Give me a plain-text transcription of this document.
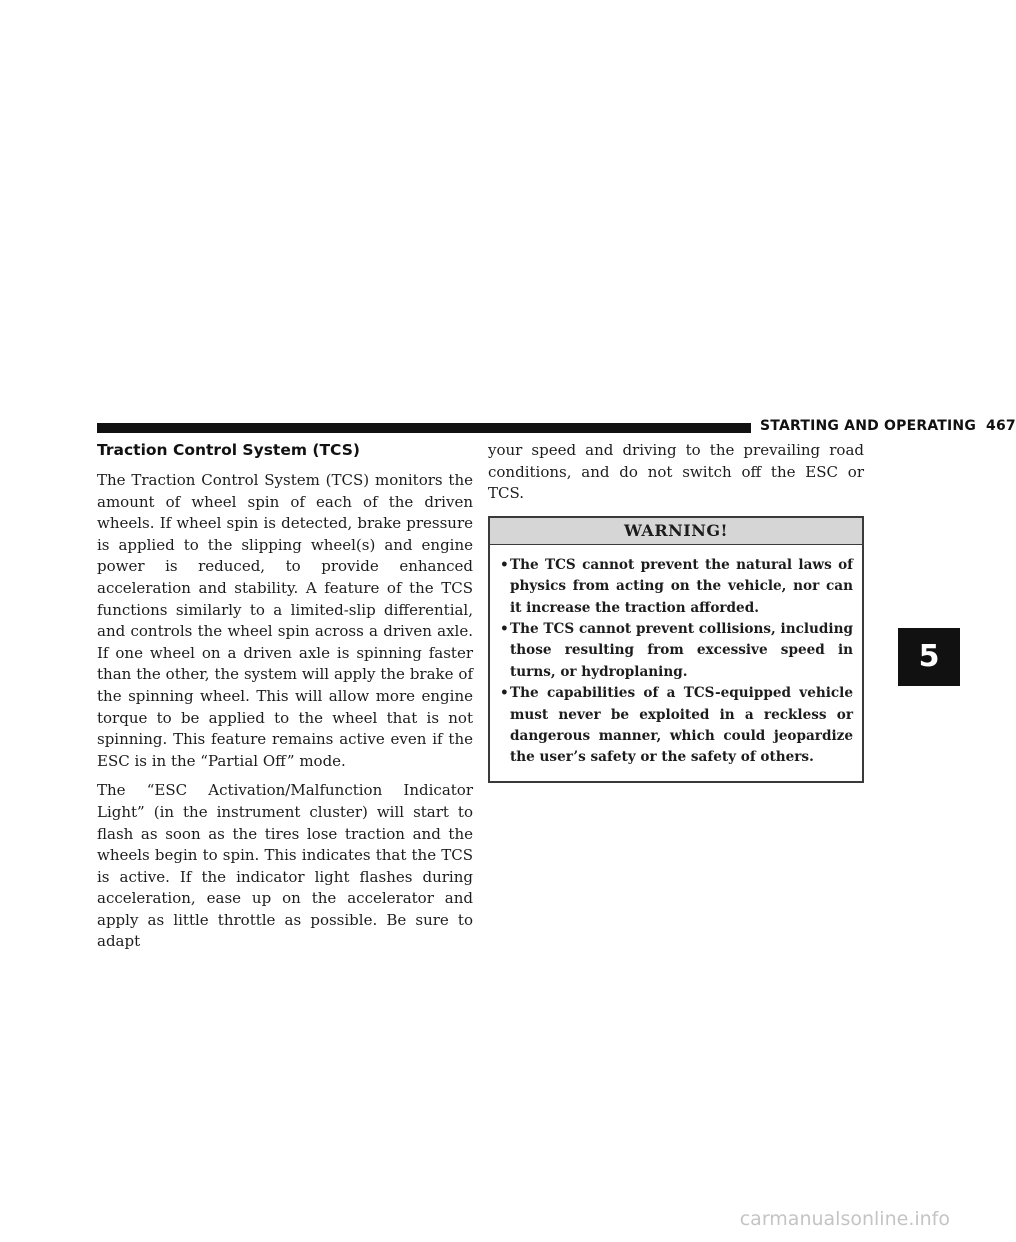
STARTING AND OPERATING 467
Traction Control System (TCS)

The Traction Control System (TCS) monitors the amount of wheel spin of each of the driven wheels. If wheel spin is detected, brake pressure is applied to the slipping wheel(s) and engine power is reduced, to provide enhanced acceleration and stability. A feature of the TCS functions similarly to a limited-slip differential, and controls the wheel spin across a driven axle. If one wheel on a driven axle is spinning faster than the other, the system will apply the brake of the spinning wheel. This will allow more engine torque to be applied to the wheel that is not spinning. This feature remains active even if the ESC is in the “Partial Off” mode.

The “ESC Activation/Malfunction Indicator Light” (in the instrument cluster) will start to flash as soon as the tires lose traction and the wheels begin to spin. This indicates that the TCS is active. If the indicator light flashes during acceleration, ease up on the accelerator and apply as little throttle as possible. Be sure to adapt

your speed and driving to the prevailing road conditions, and do not switch off the ESC or TCS.

WARNING!
• The TCS cannot prevent the natural laws of physics from acting on the vehicle, nor can it increase the traction afforded.
• The TCS cannot prevent collisions, including those resulting from excessive speed in turns, or hydroplaning.
• The capabilities of a TCS-equipped vehicle must never be exploited in a reckless or dangerous manner, which could jeopardize the user’s safety or the safety of others.
5
carmanualsonline.info
